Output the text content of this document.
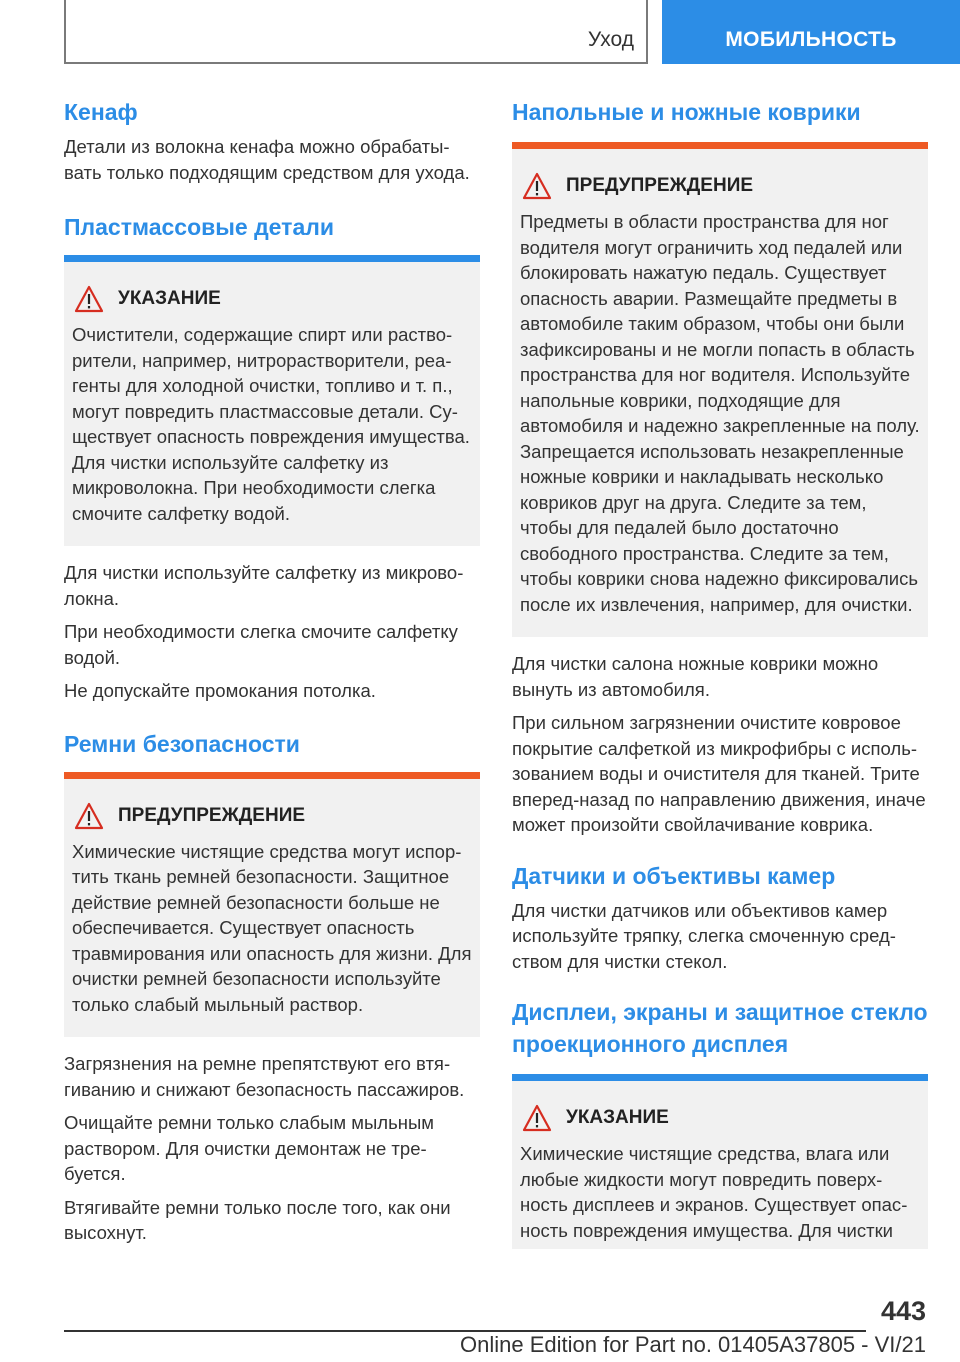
Уход	МОБИЛЬНОСТЬ
Кенаф

Детали из волокна кенафа можно обрабатывать только подходящим средством для ухода.

Пластмассовые детали
УКАЗАНИЕ

Очистители, содержащие спирт или растворители, например, нитрорастворители, реагенты для холодной очистки, топливо и т. п., могут повредить пластмассовые детали. Существует опасность повреждения имущества. Для чистки используйте салфетку из микроволокна. При необходимости слегка смочите салфетку водой.

Для чистки используйте салфетку из микроволокна.

При необходимости слегка смочите салфетку водой.

Не допускайте промокания потолка.

Ремни безопасности
ПРЕДУПРЕЖДЕНИЕ

Химические чистящие средства могут испортить ткань ремней безопасности. Защитное действие ремней безопасности больше не обеспечивается. Существует опасность травмирования или опасность для жизни. Для очистки ремней безопасности используйте только слабый мыльный раствор.

Загрязнения на ремне препятствуют его втягиванию и снижают безопасность пассажиров.

Очищайте ремни только слабым мыльным раствором. Для очистки демонтаж не требуется.

Втягивайте ремни только после того, как они высохнут.

Напольные и ножные коврики
ПРЕДУПРЕЖДЕНИЕ

Предметы в области пространства для ног водителя могут ограничить ход педалей или блокировать нажатую педаль. Существует опасность аварии. Размещайте предметы в автомобиле таким образом, чтобы они были зафиксированы и не могли попасть в область пространства для ног водителя. Используйте напольные коврики, подходящие для автомобиля и надежно закрепленные на полу. Запрещается использовать незакрепленные ножные коврики и накладывать несколько ковриков друг на друга. Следите за тем, чтобы для педалей было достаточно свободного пространства. Следите за тем, чтобы коврики снова надежно фиксировались после их извлечения, например, для очистки.

Для чистки салона ножные коврики можно вынуть из автомобиля.

При сильном загрязнении очистите ковровое покрытие салфеткой из микрофибры с использованием воды и очистителя для тканей. Трите вперед-назад по направлению движения, иначе может произойти свойлачивание коврика.

Датчики и объективы камер

Для чистки датчиков или объективов камер используйте тряпку, слегка смоченную средством для чистки стекол.

Дисплеи, экраны и защитное стекло проекционного дисплея
УКАЗАНИЕ

Химические чистящие средства, влага или любые жидкости могут повредить поверхность дисплеев и экранов. Существует опасность повреждения имущества. Для чистки

443
Online Edition for Part no. 01405A37805 - VI/21
